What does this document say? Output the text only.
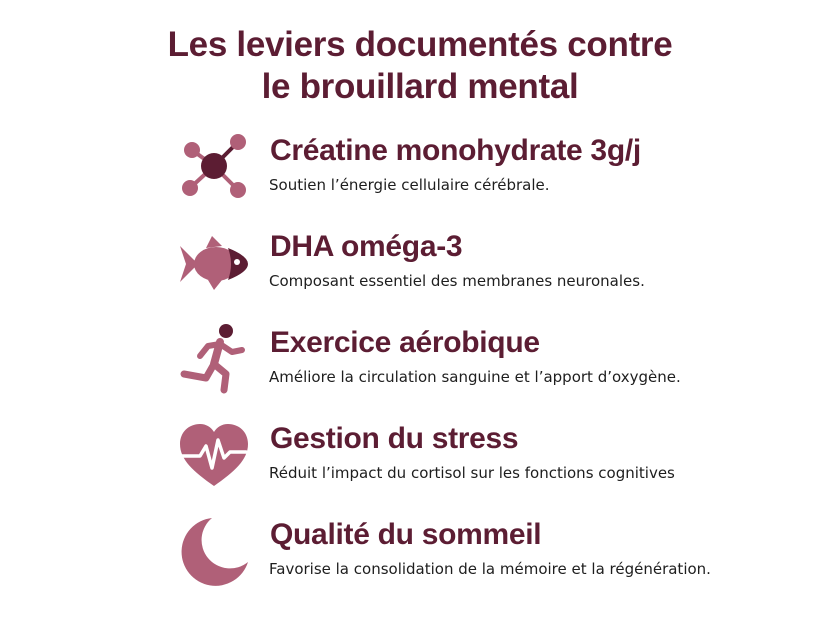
Les leviers documentés contre
le brouillard mental
Créatine monohydrate 3g/j
Soutien l’énergie cellulaire cérébrale.
DHA oméga-3
Composant essentiel des membranes neuronales.
Exercice aérobique
Améliore la circulation sanguine et l’apport d’oxygène.
Gestion du stress
Réduit l’impact du cortisol sur les fonctions cognitives
Qualité du sommeil
Favorise la consolidation de la mémoire et la régénération.
